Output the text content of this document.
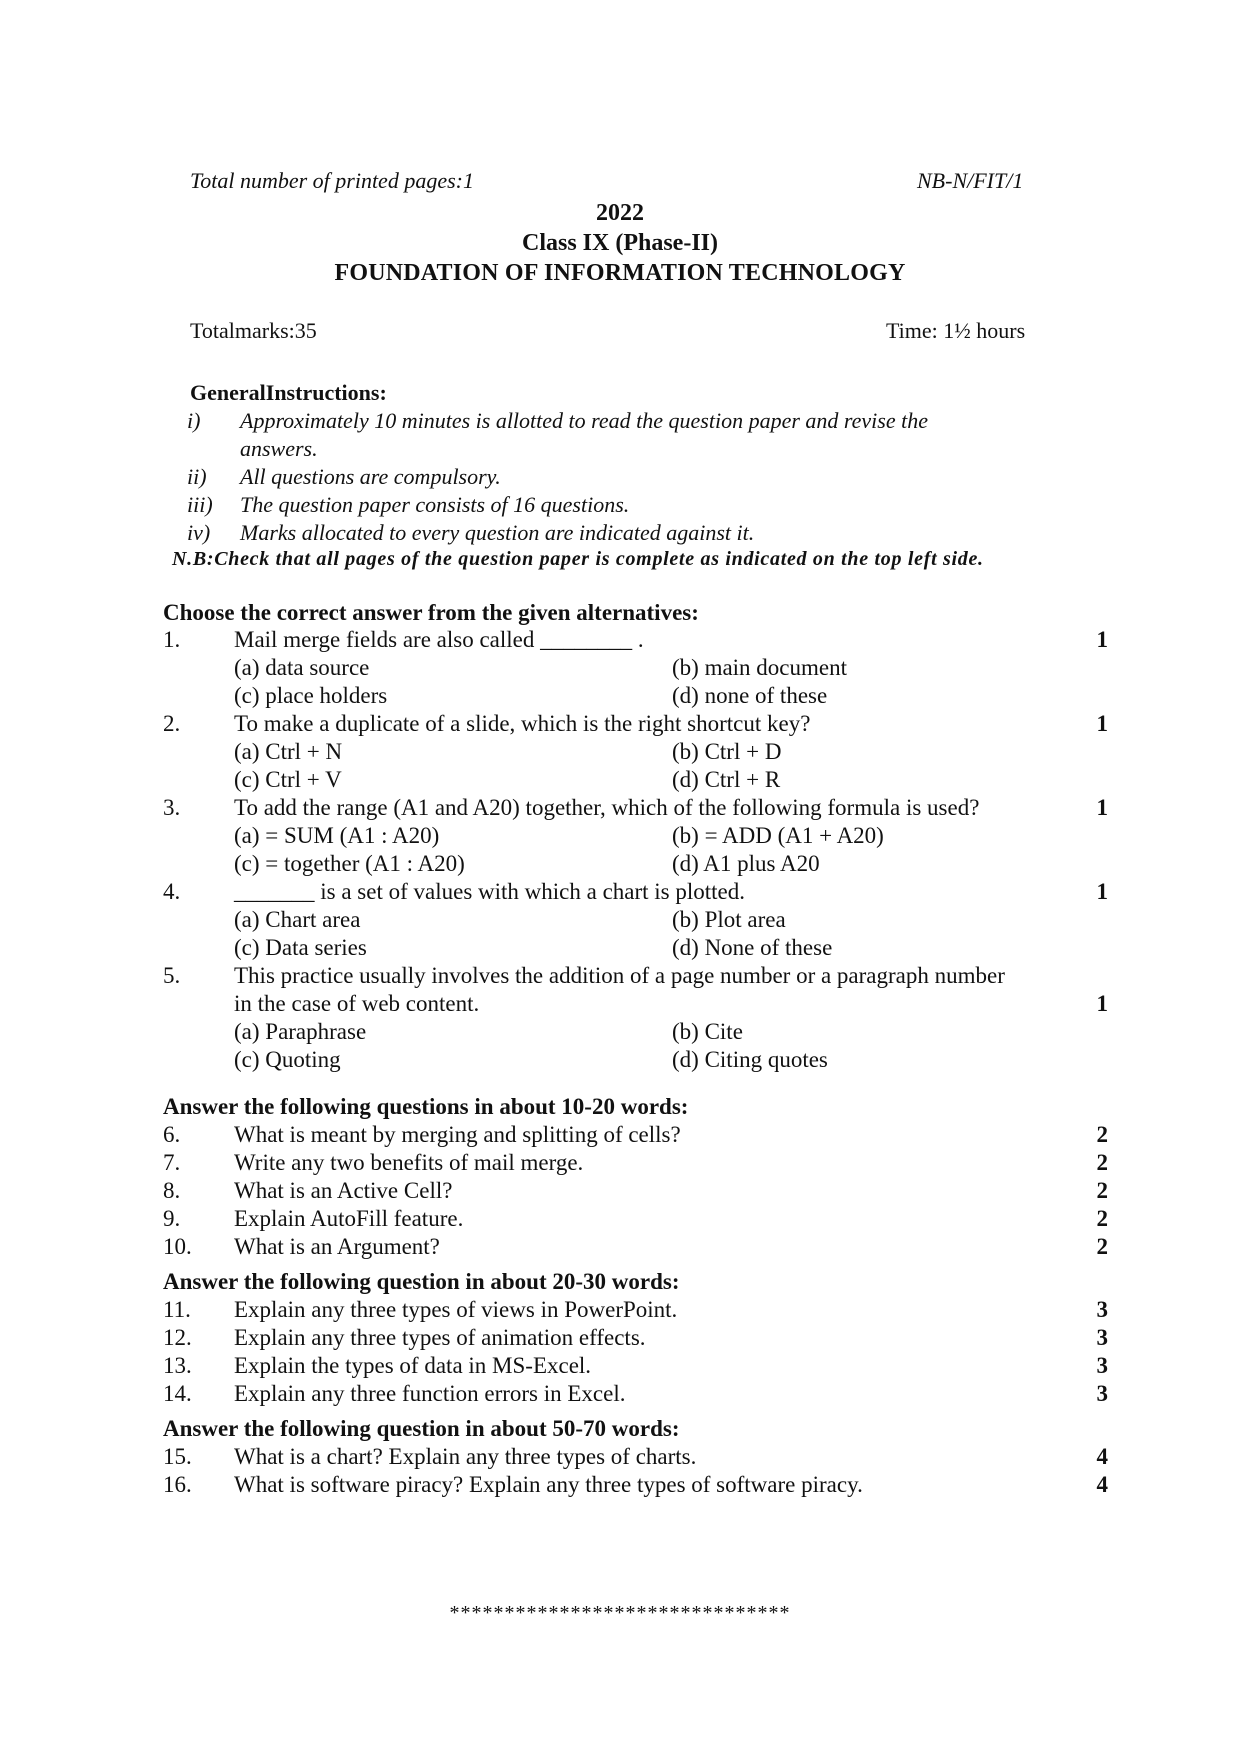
Total number of printed pages:1	NB-N/FIT/1
2022
Class IX (Phase-II)
FOUNDATION OF INFORMATION TECHNOLOGY
Totalmarks:35	Time: 1½ hours
GeneralInstructions:
i) Approximately 10 minutes is allotted to read the question paper and revise the
answers.
ii) All questions are compulsory.
iii) The question paper consists of 16 questions.
iv) Marks allocated to every question are indicated against it.
N.B:Check that all pages of the question paper is complete as indicated on the top left side.
Choose the correct answer from the given alternatives:
1. Mail merge fields are also called ________ .	1
(a) data source	(b) main document
(c) place holders	(d) none of these
2. To make a duplicate of a slide, which is the right shortcut key?	1
(a) Ctrl + N	(b) Ctrl + D
(c) Ctrl + V	(d) Ctrl + R
3. To add the range (A1 and A20) together, which of the following formula is used?	1
(a) = SUM (A1 : A20)	(b) = ADD (A1 + A20)
(c) = together (A1 : A20)	(d) A1 plus A20
4. _______ is a set of values with which a chart is plotted.	1
(a) Chart area	(b) Plot area
(c) Data series	(d) None of these
5. This practice usually involves the addition of a page number or a paragraph number
in the case of web content.	1
(a) Paraphrase	(b) Cite
(c) Quoting	(d) Citing quotes
Answer the following questions in about 10-20 words:
6. What is meant by merging and splitting of cells?	2
7. Write any two benefits of mail merge.	2
8. What is an Active Cell?	2
9. Explain AutoFill feature.	2
10. What is an Argument?	2
Answer the following question in about 20-30 words:
11. Explain any three types of views in PowerPoint.	3
12. Explain any three types of animation effects.	3
13. Explain the types of data in MS-Excel.	3
14. Explain any three function errors in Excel.	3
Answer the following question in about 50-70 words:
15. What is a chart? Explain any three types of charts.	4
16. What is software piracy? Explain any three types of software piracy.	4
*******************************
